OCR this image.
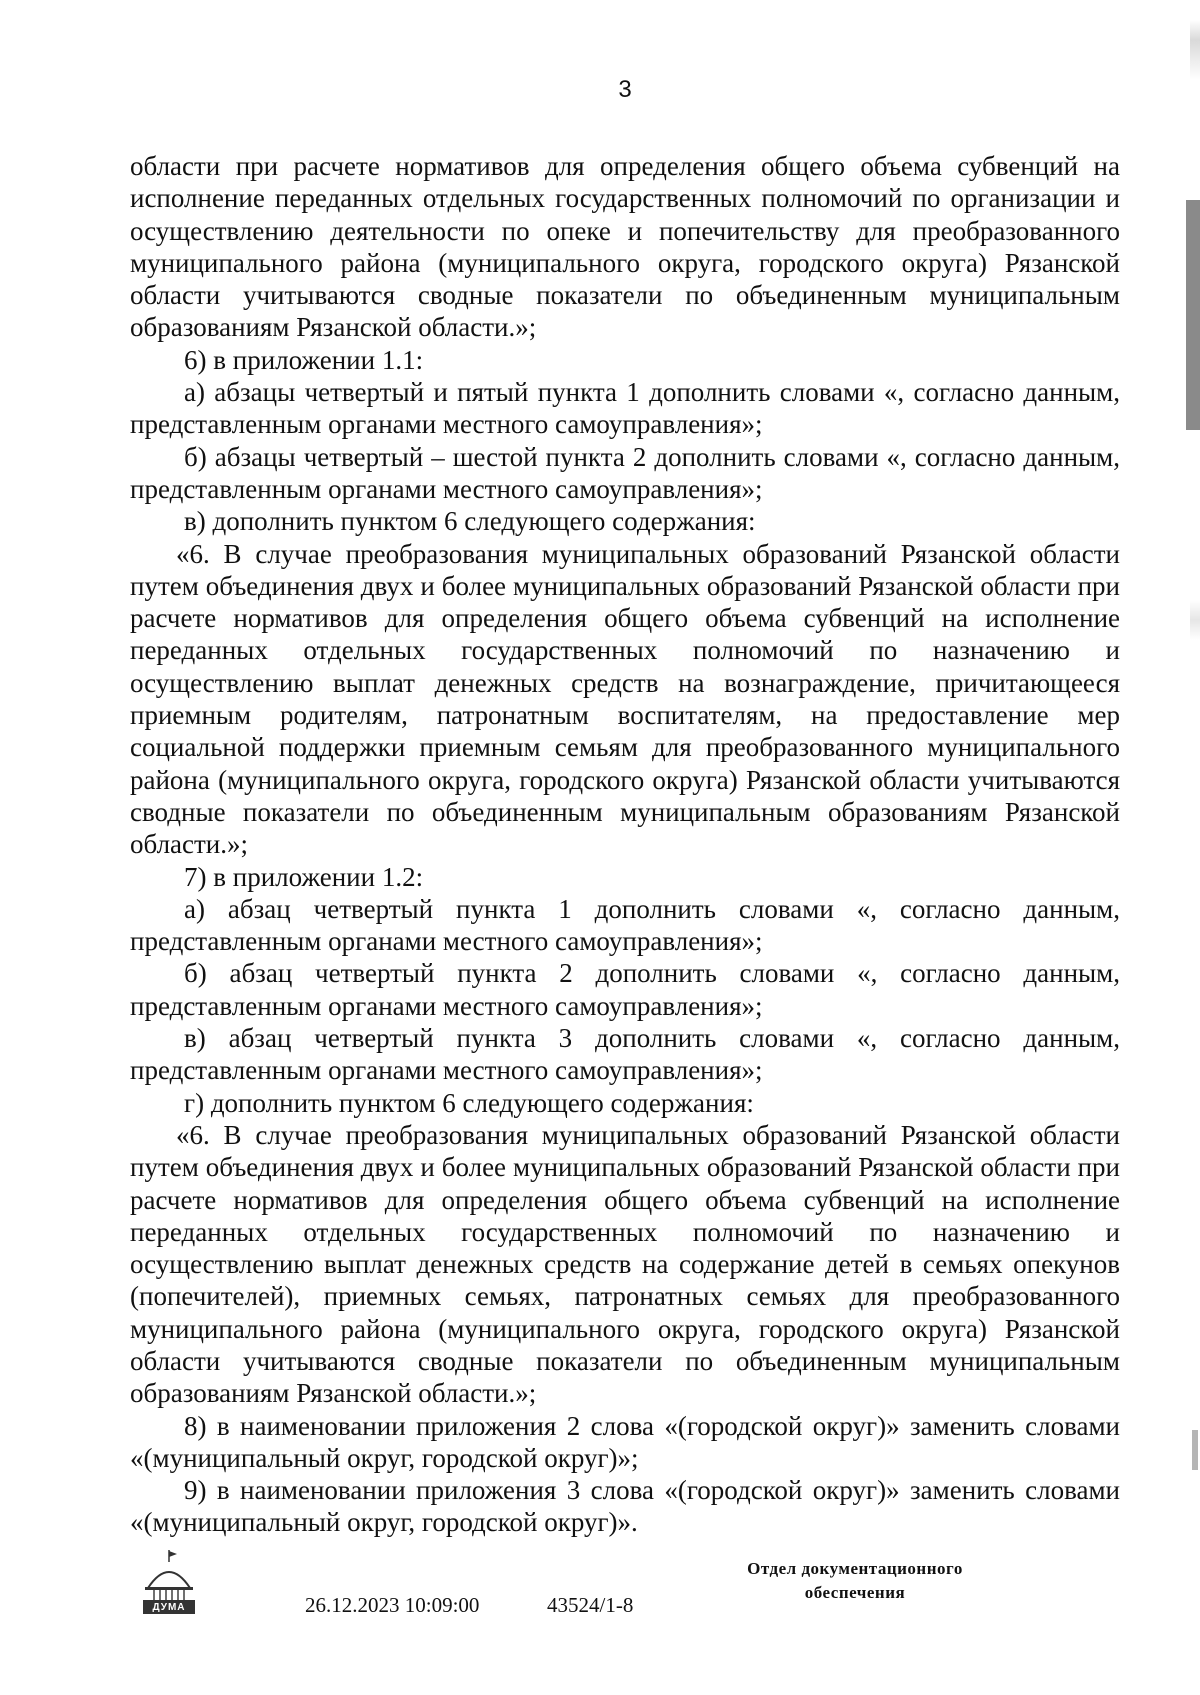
3

области при расчете нормативов для определения общего объема субвенций на исполнение переданных отдельных государственных полномочий по организации и осуществлению деятельности по опеке и попечительству для преобразованного муниципального района (муниципального округа, городского округа) Рязанской области учитываются сводные показатели по объединенным муниципальным образованиям Рязанской области.»;

6) в приложении 1.1:

а) абзацы четвертый и пятый пункта 1 дополнить словами «, согласно данным, представленным органами местного самоуправления»;

б) абзацы четвертый – шестой пункта 2 дополнить словами «, согласно данным, представленным органами местного самоуправления»;

в) дополнить пунктом 6 следующего содержания:

«6. В случае преобразования муниципальных образований Рязанской области путем объединения двух и более муниципальных образований Рязанской области при расчете нормативов для определения общего объема субвенций на исполнение переданных отдельных государственных полномочий по назначению и осуществлению выплат денежных средств на вознаграждение, причитающееся приемным родителям, патронатным воспитателям, на предоставление мер социальной поддержки приемным семьям для преобразованного муниципального района (муниципального округа, городского округа) Рязанской области учитываются сводные показатели по объединенным муниципальным образованиям Рязанской области.»;

7) в приложении 1.2:

а) абзац четвертый пункта 1 дополнить словами «, согласно данным, представленным органами местного самоуправления»;

б) абзац четвертый пункта 2 дополнить словами «, согласно данным, представленным органами местного самоуправления»;

в) абзац четвертый пункта 3 дополнить словами «, согласно данным, представленным органами местного самоуправления»;

г) дополнить пунктом 6 следующего содержания:

«6. В случае преобразования муниципальных образований Рязанской области путем объединения двух и более муниципальных образований Рязанской области при расчете нормативов для определения общего объема субвенций на исполнение переданных отдельных государственных полномочий по назначению и осуществлению выплат денежных средств на содержание детей в семьях опекунов (попечителей), приемных семьях, патронатных семьях для преобразованного муниципального района (муниципального округа, городского округа) Рязанской области учитываются сводные показатели по объединенным муниципальным образованиям Рязанской области.»;

8) в наименовании приложения 2 слова «(городской округ)» заменить словами «(муниципальный округ, городской округ)»;

9) в наименовании приложения 3 слова «(городской округ)» заменить словами «(муниципальный округ, городской округ)».

ДУМА	26.12.2023 10:09:00	43524/1-8
Отдел документационного
обеспечения
